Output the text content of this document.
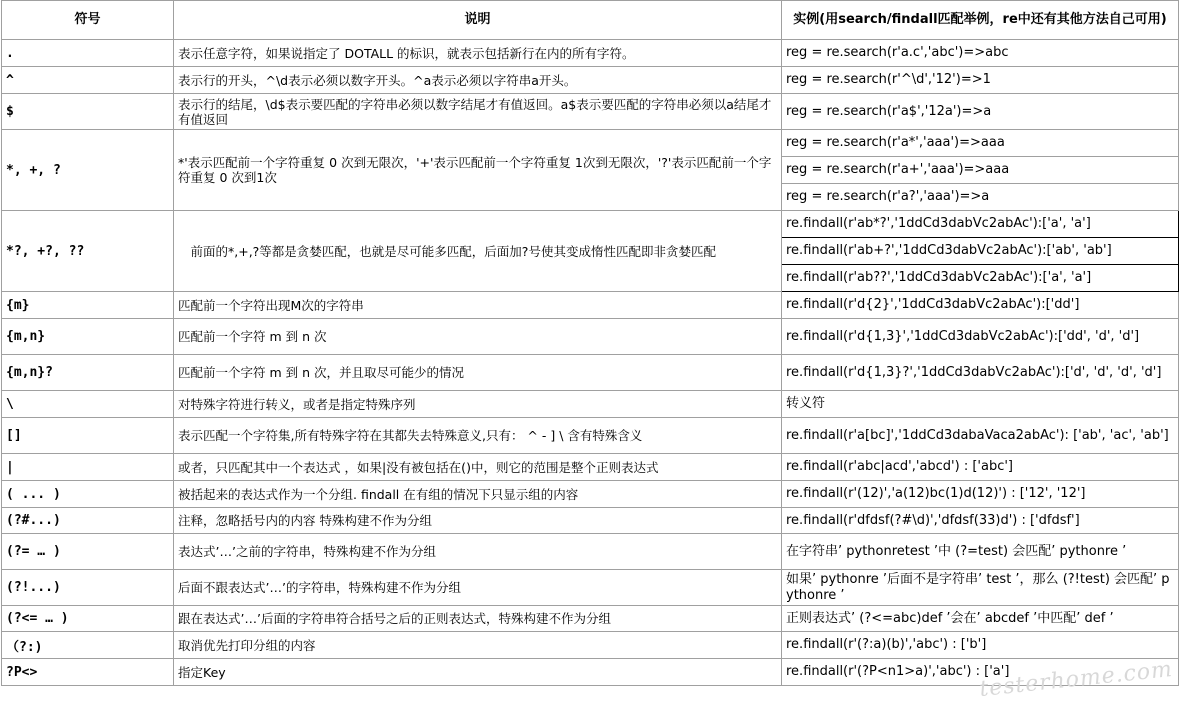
符号	说明	实例(用search/findall匹配举例，re中还有其他方法自己可用)
.	表示任意字符，如果说指定了 DOTALL 的标识，就表示包括新行在内的所有字符。	reg = re.search(r'a.c','abc')=>abc
^	表示行的开头，^\d表示必须以数字开头。^a表示必须以字符串a开头。	reg = re.search(r'^\d','12')=>1
$	表示行的结尾，\d$表示要匹配的字符串必须以数字结尾才有值返回。a$表示要匹配的字符串必须以a结尾才有值返回	reg = re.search(r'a$','12a')=>a
*, +, ?	*'表示匹配前一个字符重复 0 次到无限次，'+'表示匹配前一个字符重复 1次到无限次，'?'表示匹配前一个字符重复 0 次到1次	reg = re.search(r'a*','aaa')=>aaa
		reg = re.search(r'a+','aaa')=>aaa
		reg = re.search(r'a?','aaa')=>a
*?, +?, ??	　前面的*,+,?等都是贪婪匹配，也就是尽可能多匹配，后面加?号使其变成惰性匹配即非贪婪匹配	re.findall(r'ab*?','1ddCd3dabVc2abAc'):['a', 'a']
		re.findall(r'ab+?','1ddCd3dabVc2abAc'):['ab', 'ab']
		re.findall(r'ab??','1ddCd3dabVc2abAc'):['a', 'a']
{m}	匹配前一个字符出现M次的字符串	re.findall(r'd{2}','1ddCd3dabVc2abAc'):['dd']
{m,n}	匹配前一个字符 m 到 n 次	re.findall(r'd{1,3}','1ddCd3dabVc2abAc'):['dd', 'd', 'd']
{m,n}?	匹配前一个字符 m 到 n 次，并且取尽可能少的情况	re.findall(r'd{1,3}?','1ddCd3dabVc2abAc'):['d', 'd', 'd', 'd']
\	对特殊字符进行转义，或者是指定特殊序列	转义符
[]	表示匹配一个字符集,所有特殊字符在其都失去特殊意义,只有： ^ - ] \ 含有特殊含义	re.findall(r'a[bc]','1ddCd3dabaVaca2abAc'): ['ab', 'ac', 'ab']
|	或者，只匹配其中一个表达式 ，如果|没有被包括在()中，则它的范围是整个正则表达式	re.findall(r'abc|acd','abcd') : ['abc']
( ... )	被括起来的表达式作为一个分组. findall 在有组的情况下只显示组的内容	re.findall(r'(12)','a(12)bc(1)d(12)') : ['12', '12']
(?#...)	注释，忽略括号内的内容 特殊构建不作为分组	re.findall(r'dfdsf(?#\d)','dfdsf(33)d') : ['dfdsf']
(?= … )	表达式’…’之前的字符串，特殊构建不作为分组	在字符串’ pythonretest ’中 (?=test) 会匹配’ pythonre ’
(?!...)	后面不跟表达式’…’的字符串，特殊构建不作为分组	如果’ pythonre ’后面不是字符串’ test ’，那么 (?!test) 会匹配’ pythonre ’
(?<= … )	跟在表达式’…’后面的字符串符合括号之后的正则表达式，特殊构建不作为分组	正则表达式’ (?<=abc)def ’会在’ abcdef ’中匹配’ def ’
（?:)	取消优先打印分组的内容	re.findall(r'(?:a)(b)','abc') : ['b']
?P<>	指定Key	re.findall(r'(?P<n1>a)','abc') : ['a']
testerhome.com
